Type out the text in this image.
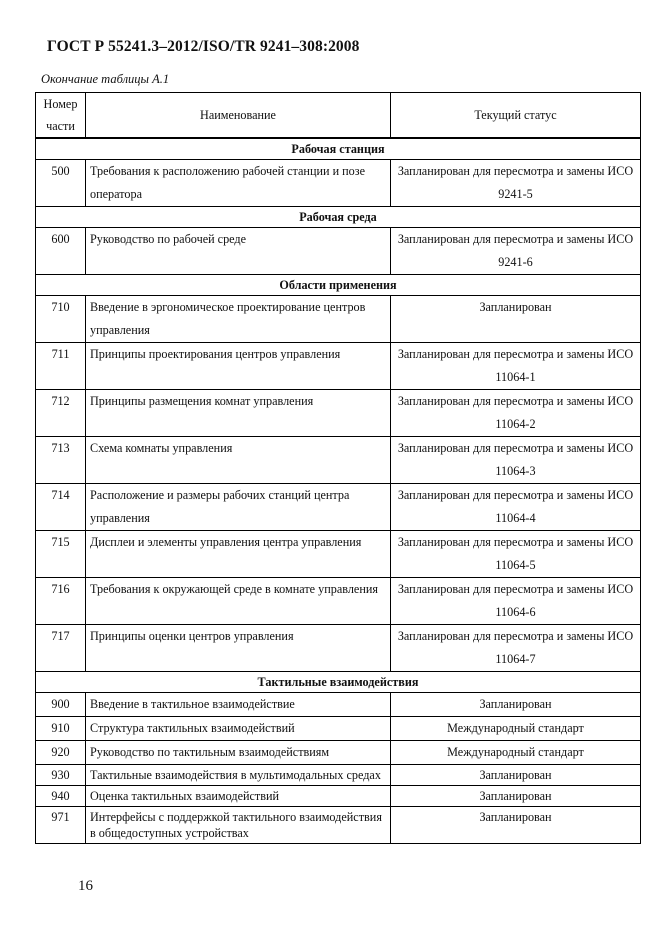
ГОСТ Р 55241.3–2012/ISO/TR 9241–308:2008
Окончание таблицы А.1
Номер части	Наименование	Текущий статус
Рабочая станция		
500	Требования к расположению рабочей станции и позе оператора	Запланирован для пересмотра и замены ИСО 9241-5
Рабочая среда		
600	Руководство по рабочей среде	Запланирован для пересмотра и замены ИСО 9241-6
Области применения		
710	Введение в эргономическое проектирование центров управления	Запланирован
711	Принципы проектирования центров управления	Запланирован для пересмотра и замены ИСО 11064-1
712	Принципы размещения комнат управления	Запланирован для пересмотра и замены ИСО 11064-2
713	Схема комнаты управления	Запланирован для пересмотра и замены ИСО 11064-3
714	Расположение и размеры рабочих станций центра управления	Запланирован для пересмотра и замены ИСО 11064-4
715	Дисплеи и элементы управления центра управления	Запланирован для пересмотра и замены ИСО 11064-5
716	Требования к окружающей среде в комнате управления	Запланирован для пересмотра и замены ИСО 11064-6
717	Принципы оценки центров управления	Запланирован для пересмотра и замены ИСО 11064-7
Тактильные взаимодействия		
900	Введение в тактильное взаимодействие	Запланирован
910	Структура тактильных взаимодействий	Международный стандарт
920	Руководство по тактильным взаимодействиям	Международный стандарт
930	Тактильные взаимодействия в мультимодальных средах	Запланирован
940	Оценка тактильных взаимодействий	Запланирован
971	Интерфейсы с поддержкой тактильного взаимодействия в общедоступных устройствах	Запланирован
16
